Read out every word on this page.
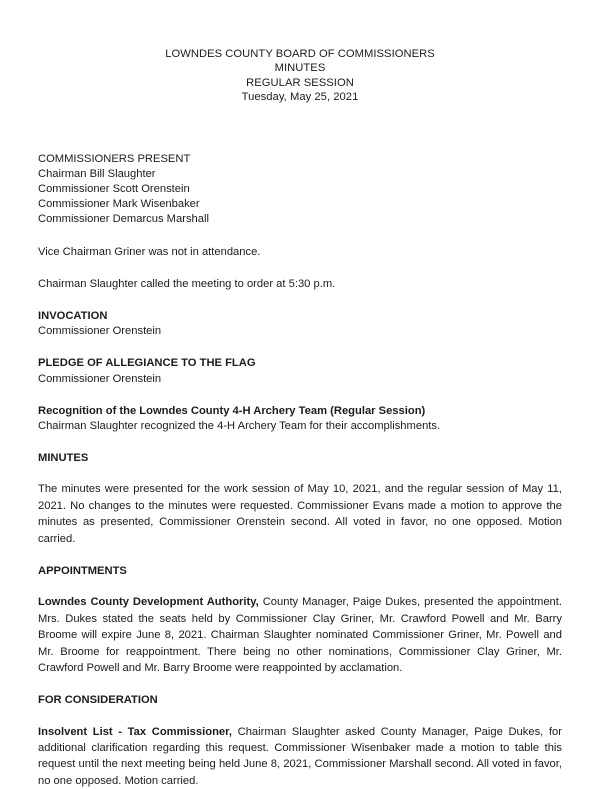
LOWNDES COUNTY BOARD OF COMMISSIONERS
MINUTES
REGULAR SESSION
Tuesday, May 25, 2021
COMMISSIONERS PRESENT
Chairman Bill Slaughter
Commissioner Scott Orenstein
Commissioner Mark Wisenbaker
Commissioner Demarcus Marshall
Vice Chairman Griner was not in attendance.
Chairman Slaughter called the meeting to order at 5:30 p.m.
INVOCATION
Commissioner Orenstein
PLEDGE OF ALLEGIANCE TO THE FLAG
Commissioner Orenstein
Recognition of the Lowndes County 4-H Archery Team (Regular Session)
Chairman Slaughter recognized the 4-H Archery Team for their accomplishments.
MINUTES
The minutes were presented for the work session of May 10, 2021, and the regular session of May 11, 2021. No changes to the minutes were requested. Commissioner Evans made a motion to approve the minutes as presented, Commissioner Orenstein second. All voted in favor, no one opposed. Motion carried.
APPOINTMENTS
Lowndes County Development Authority, County Manager, Paige Dukes, presented the appointment. Mrs. Dukes stated the seats held by Commissioner Clay Griner, Mr. Crawford Powell and Mr. Barry Broome will expire June 8, 2021. Chairman Slaughter nominated Commissioner Griner, Mr. Powell and Mr. Broome for reappointment. There being no other nominations, Commissioner Clay Griner, Mr. Crawford Powell and Mr. Barry Broome were reappointed by acclamation.
FOR CONSIDERATION
Insolvent List - Tax Commissioner, Chairman Slaughter asked County Manager, Paige Dukes, for additional clarification regarding this request. Commissioner Wisenbaker made a motion to table this request until the next meeting being held June 8, 2021, Commissioner Marshall second. All voted in favor, no one opposed. Motion carried.
